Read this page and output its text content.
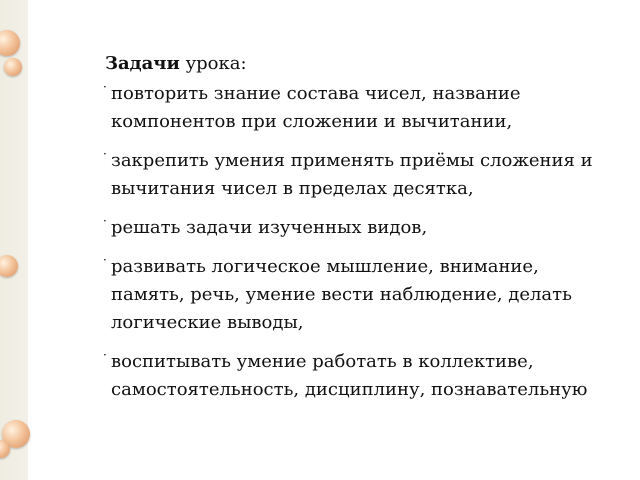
Задачи урока:
· повторить знание состава чисел, название компонентов при сложении и вычитании,
· закрепить умения применять приёмы сложения и вычитания чисел в пределах десятка,
· решать задачи изученных видов,
· развивать логическое мышление, внимание, память, речь, умение вести наблюдение, делать логические выводы,
· воспитывать умение работать в коллективе, самостоятельность, дисциплину, познавательную
